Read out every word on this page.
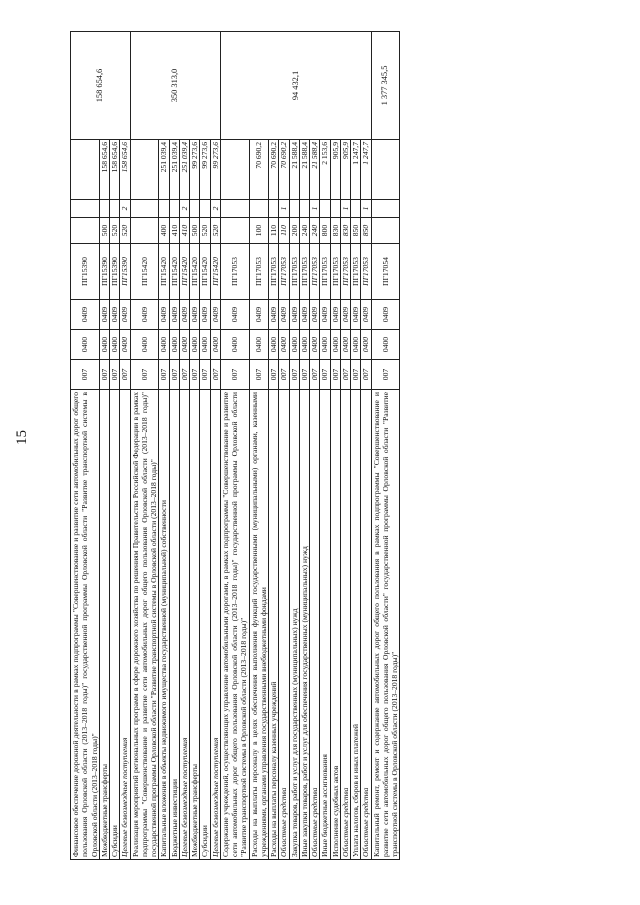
15	Финансовое обеспечение дорожной деятельности в рамках подпрограммы "Совершенствование и развитие сети автомобильных дорог общего пользования Орловской области (2013–2018 годы)" государственной программы Орловской области "Развитие транспортной системы в Орловской области (2013–2018 годы)"	007	0400	0409	ПГ15390				158 654,6
Межбюджетные трансферты	007	0400	0409	ПГ15390	500		158 654,6	
Субсидии	007	0400	0409	ПГ15390	520		158 654,6	
Целевые безвозмездные поступления	007	0400	0409	ПГ15390	520	2	158 654,6	
Реализация мероприятий региональных программ в сфере дорожного хозяйства по решениям Правительства Российской Федерации в рамках подпрограммы "Совершенствование и развитие сети автомобильных дорог общего пользования Орловской области (2013–2018 годы)" государственной программы Орловской области "Развитие транспортной системы в Орловской области (2013–2018 годы)"	007	0400	0409	ПГ15420				350 313,0
Капитальные вложения в объекты недвижимого имущества государственной (муниципальной) собственности	007	0400	0409	ПГ15420	400		251 039,4	
Бюджетные инвестиции	007	0400	0409	ПГ15420	410		251 039,4	
Целевые безвозмездные поступления	007	0400	0409	ПГ15420	410	2	251 039,4	
Межбюджетные трансферты	007	0400	0409	ПГ15420	500		99 273,6	
Субсидии	007	0400	0409	ПГ15420	520		99 273,6	
Целевые безвозмездные поступления	007	0400	0409	ПГ15420	520	2	99 273,6	
Содержание учреждений, осуществляющих управление автомобильными дорогами, в рамках подпрограммы "Совершенствование и развитие сети автомобильных дорог общего пользования Орловской области (2013–2018 годы)" государственной программы Орловской области "Развитие транспортной системы в Орловской области (2013–2018 годы)"	007	0400	0409	ПГ17053				94 432,1
Расходы на выплаты персоналу в целях обеспечения выполнения функций государственными (муниципальными) органами, казенными учреждениями, органами управления государственными внебюджетными фондами	007	0400	0409	ПГ17053	100		70 690,2	
Расходы на выплаты персоналу казенных учреждений	007	0400	0409	ПГ17053	110		70 690,2	
Областные средства	007	0400	0409	ПГ17053	110	1	70 690,2	
Закупка товаров, работ и услуг для государственных (муниципальных) нужд	007	0400	0409	ПГ17053	200		21 588,4	
Иные закупки товаров, работ и услуг для обеспечения государственных (муниципальных) нужд	007	0400	0409	ПГ17053	240		21 588,4	
Областные средства	007	0400	0409	ПГ17053	240	1	21 588,4	
Иные бюджетные ассигнования	007	0400	0409	ПГ17053	800		2 153,6	
Исполнение судебных актов	007	0400	0409	ПГ17053	830		905,9	
Областные средства	007	0400	0409	ПГ17053	830	1	905,9	
Уплата налогов, сборов и иных платежей	007	0400	0409	ПГ17053	850		1 247,7	
Областные средства	007	0400	0409	ПГ17053	850	1	1 247,7	
Капитальный ремонт, ремонт и содержание автомобильных дорог общего пользования в рамках подпрограммы "Совершенствование и развитие сети автомобильных дорог общего пользования Орловской области" государственной программы Орловской области "Развитие транспортной системы в Орловской области (2013–2018 годы)"	007	0400	0409	ПГ17054				1 377 345,5
